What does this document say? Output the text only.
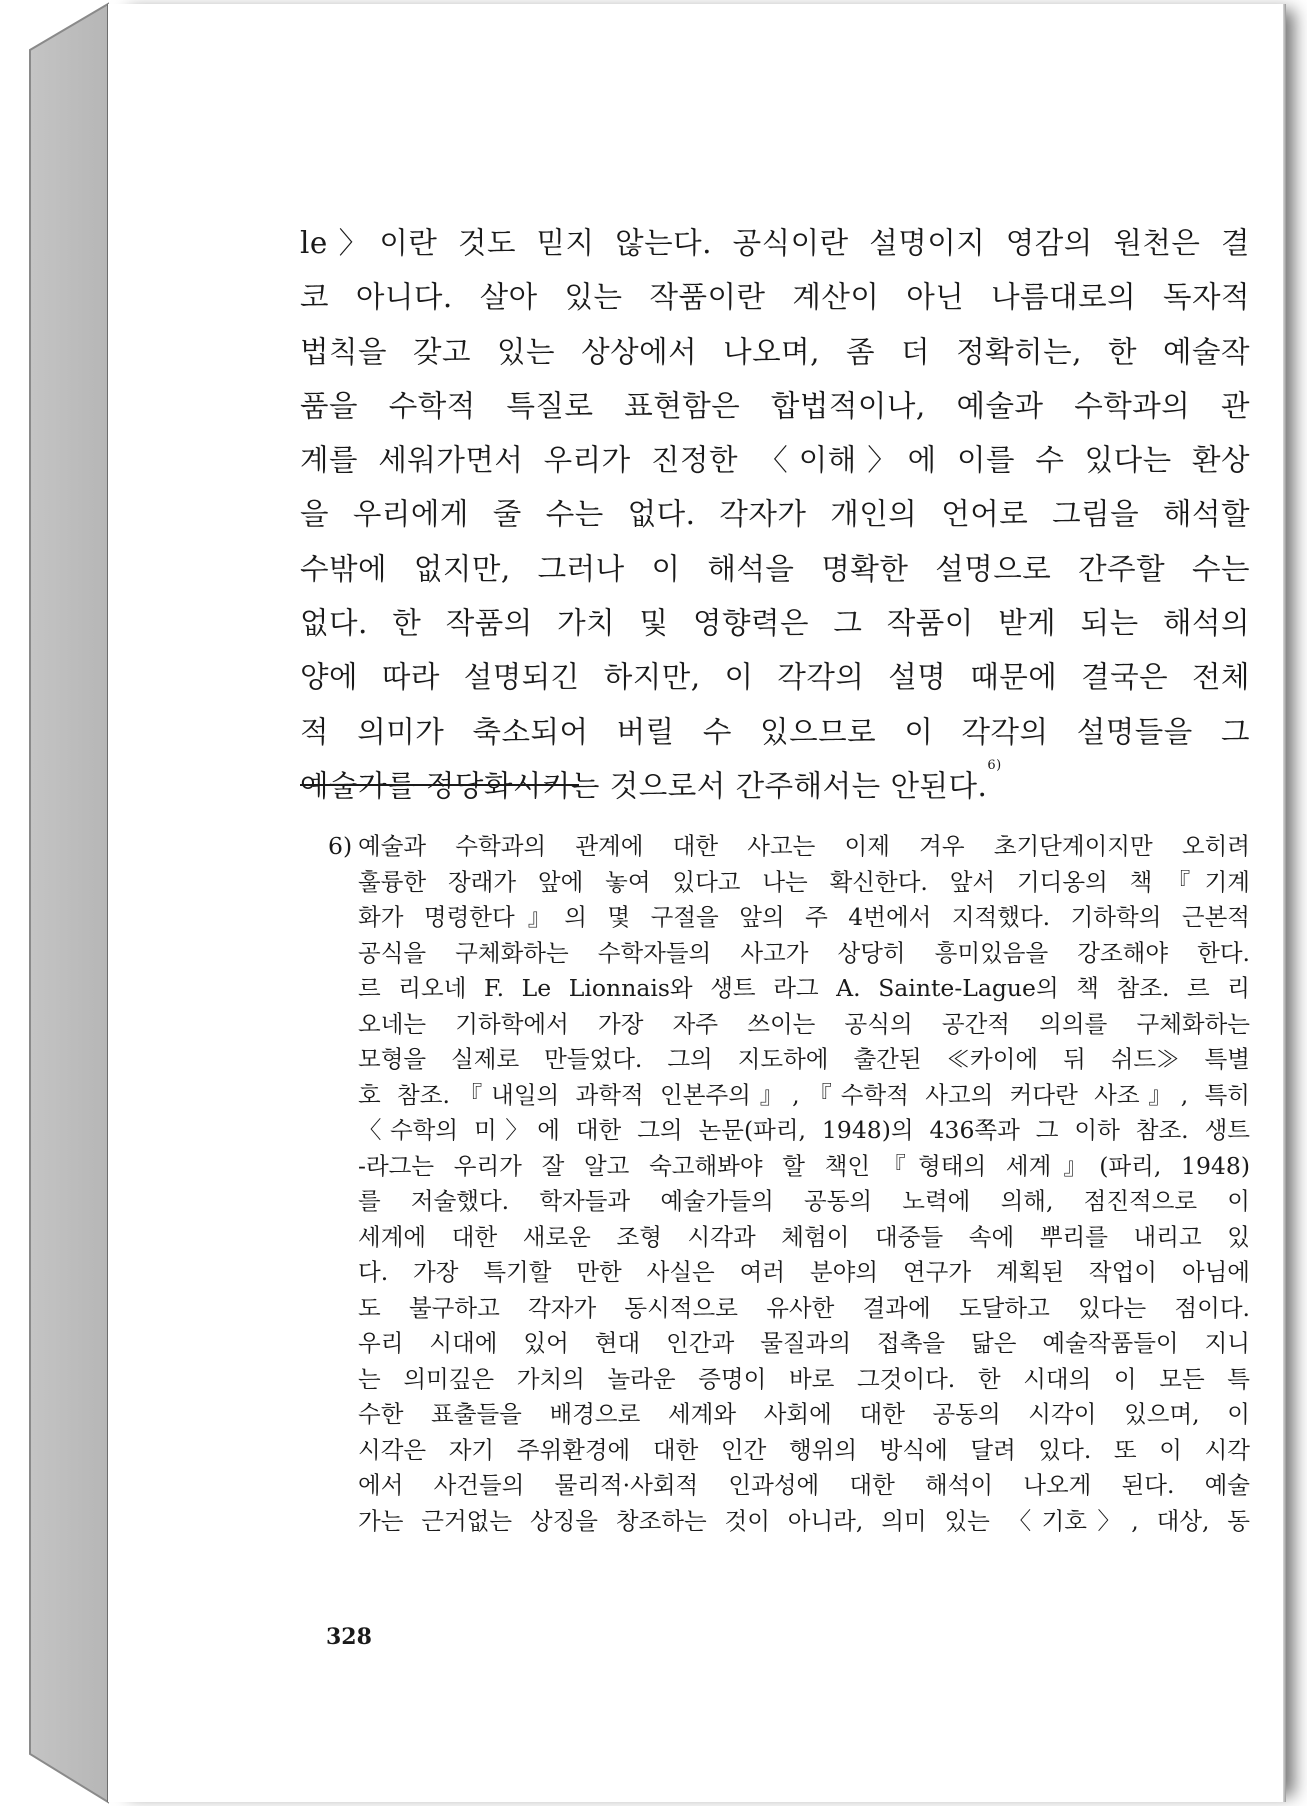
le〉이란 것도 믿지 않는다. 공식이란 설명이지 영감의 원천은 결
코 아니다. 살아 있는 작품이란 계산이 아닌 나름대로의 독자적
법칙을 갖고 있는 상상에서 나오며, 좀 더 정확히는, 한 예술작
품을 수학적 특질로 표현함은 합법적이나, 예술과 수학과의 관
계를 세워가면서 우리가 진정한 〈이해〉에 이를 수 있다는 환상
을 우리에게 줄 수는 없다. 각자가 개인의 언어로 그림을 해석할
수밖에 없지만, 그러나 이 해석을 명확한 설명으로 간주할 수는
없다. 한 작품의 가치 및 영향력은 그 작품이 받게 되는 해석의
양에 따라 설명되긴 하지만, 이 각각의 설명 때문에 결국은 전체
적 의미가 축소되어 버릴 수 있으므로 이 각각의 설명들을 그
예술가를 정당화시키는 것으로서 간주해서는 안된다.$^{6)}$
6) 예술과 수학과의 관계에 대한 사고는 이제 겨우 초기단계이지만 오히려
훌륭한 장래가 앞에 놓여 있다고 나는 확신한다. 앞서 기디옹의 책『기계
화가 명령한다』의 몇 구절을 앞의 주 4번에서 지적했다. 기하학의 근본적
공식을 구체화하는 수학자들의 사고가 상당히 흥미있음을 강조해야 한다.
르 리오네 F. Le Lionnais와 생트 라그 A. Sainte-Lague의 책 참조. 르 리
오네는 기하학에서 가장 자주 쓰이는 공식의 공간적 의의를 구체화하는
모형을 실제로 만들었다. 그의 지도하에 출간된 ≪카이에 뒤 쉬드≫ 특별
호 참조.『내일의 과학적 인본주의』,『수학적 사고의 커다란 사조』, 특히
〈수학의 미〉에 대한 그의 논문(파리, 1948)의 436쪽과 그 이하 참조. 생트
-라그는 우리가 잘 알고 숙고해봐야 할 책인『형태의 세계』(파리, 1948)
를 저술했다. 학자들과 예술가들의 공동의 노력에 의해, 점진적으로 이
세계에 대한 새로운 조형 시각과 체험이 대중들 속에 뿌리를 내리고 있
다. 가장 특기할 만한 사실은 여러 분야의 연구가 계획된 작업이 아님에
도 불구하고 각자가 동시적으로 유사한 결과에 도달하고 있다는 점이다.
우리 시대에 있어 현대 인간과 물질과의 접촉을 닮은 예술작품들이 지니
는 의미깊은 가치의 놀라운 증명이 바로 그것이다. 한 시대의 이 모든 특
수한 표출들을 배경으로 세계와 사회에 대한 공동의 시각이 있으며, 이
시각은 자기 주위환경에 대한 인간 행위의 방식에 달려 있다. 또 이 시각
에서 사건들의 물리적·사회적 인과성에 대한 해석이 나오게 된다. 예술
가는 근거없는 상징을 창조하는 것이 아니라, 의미 있는 〈기호〉, 대상, 동
328
